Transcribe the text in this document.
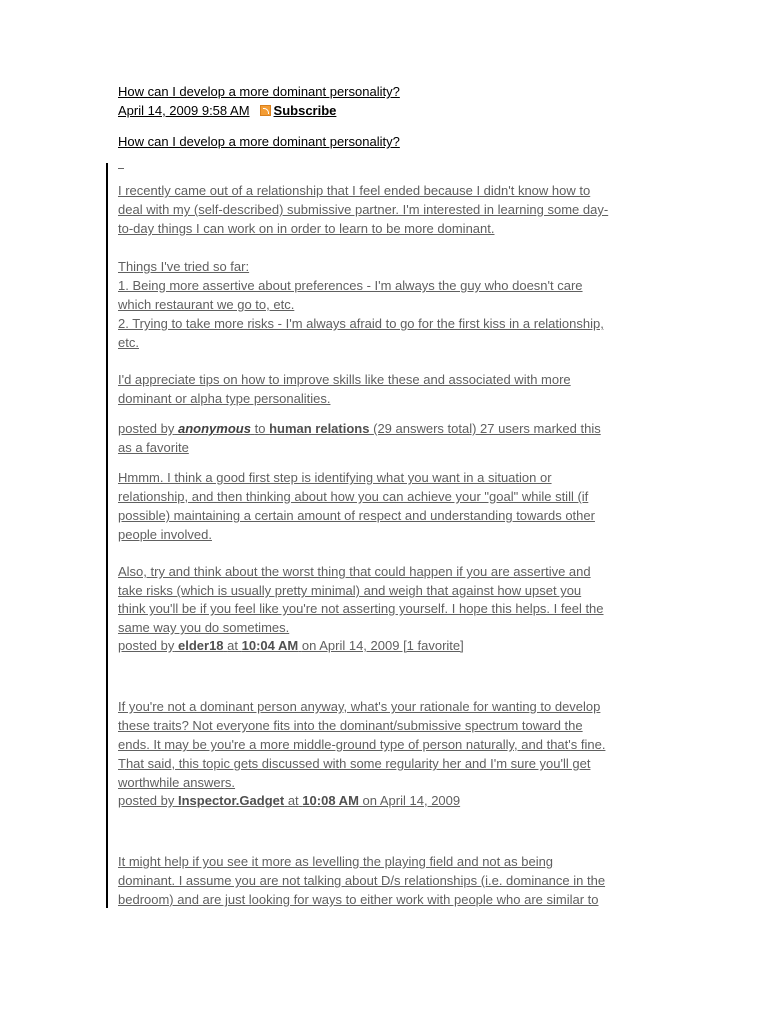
How can I develop a more dominant personality?
April 14, 2009 9:58 AM Subscribe
How can I develop a more dominant personality?
I recently came out of a relationship that I feel ended because I didn't know how to
deal with my (self-described) submissive partner. I'm interested in learning some day-
to-day things I can work on in order to learn to be more dominant.
Things I've tried so far:
1. Being more assertive about preferences - I'm always the guy who doesn't care
which restaurant we go to, etc.
2. Trying to take more risks - I'm always afraid to go for the first kiss in a relationship,
etc.
I'd appreciate tips on how to improve skills like these and associated with more
dominant or alpha type personalities.
posted by anonymous to human relations (29 answers total) 27 users marked this
as a favorite
Hmmm. I think a good first step is identifying what you want in a situation or
relationship, and then thinking about how you can achieve your "goal" while still (if
possible) maintaining a certain amount of respect and understanding towards other
people involved.
Also, try and think about the worst thing that could happen if you are assertive and
take risks (which is usually pretty minimal) and weigh that against how upset you
think you'll be if you feel like you're not asserting yourself. I hope this helps. I feel the
same way you do sometimes.
posted by elder18 at 10:04 AM on April 14, 2009 [1 favorite]
If you're not a dominant person anyway, what's your rationale for wanting to develop
these traits? Not everyone fits into the dominant/submissive spectrum toward the
ends. It may be you're a more middle-ground type of person naturally, and that's fine.
That said, this topic gets discussed with some regularity her and I'm sure you'll get
worthwhile answers.
posted by Inspector.Gadget at 10:08 AM on April 14, 2009
It might help if you see it more as levelling the playing field and not as being
dominant. I assume you are not talking about D/s relationships (i.e. dominance in the
bedroom) and are just looking for ways to either work with people who are similar to
